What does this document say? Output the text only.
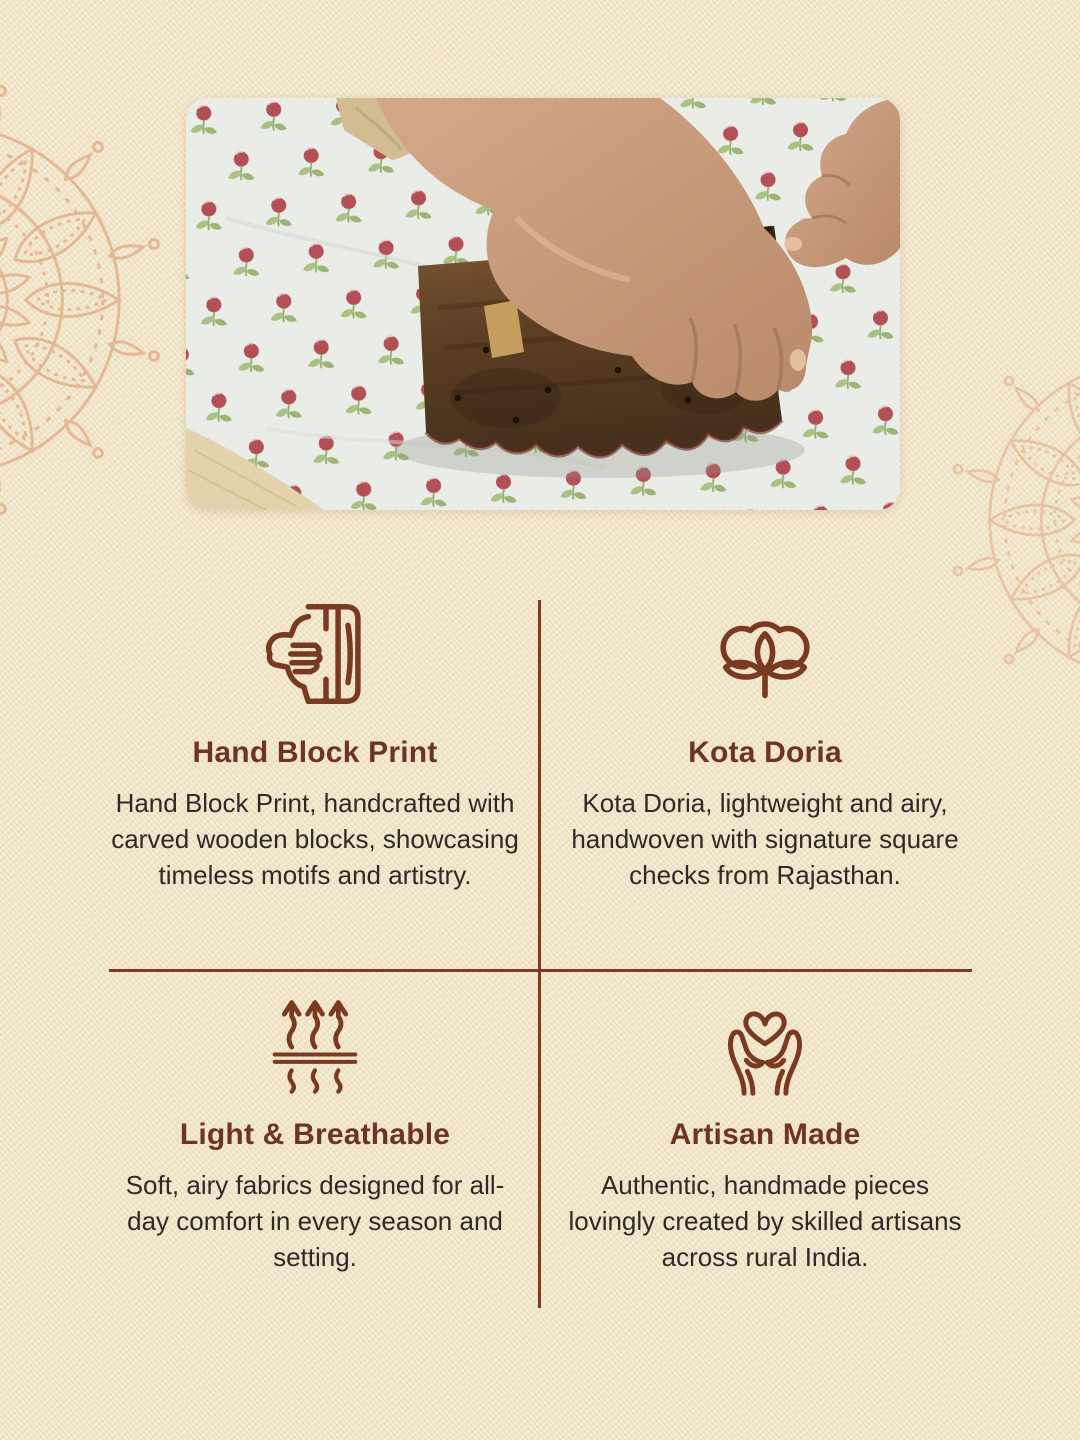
Hand Block Print

Hand Block Print, handcrafted with carved wooden blocks, showcasing timeless motifs and artistry.

Kota Doria

Kota Doria, lightweight and airy, handwoven with signature square checks from Rajasthan.

Light & Breathable

Soft, airy fabrics designed for all-day comfort in every season and setting.

Artisan Made

Authentic, handmade pieces lovingly created by skilled artisans across rural India.
